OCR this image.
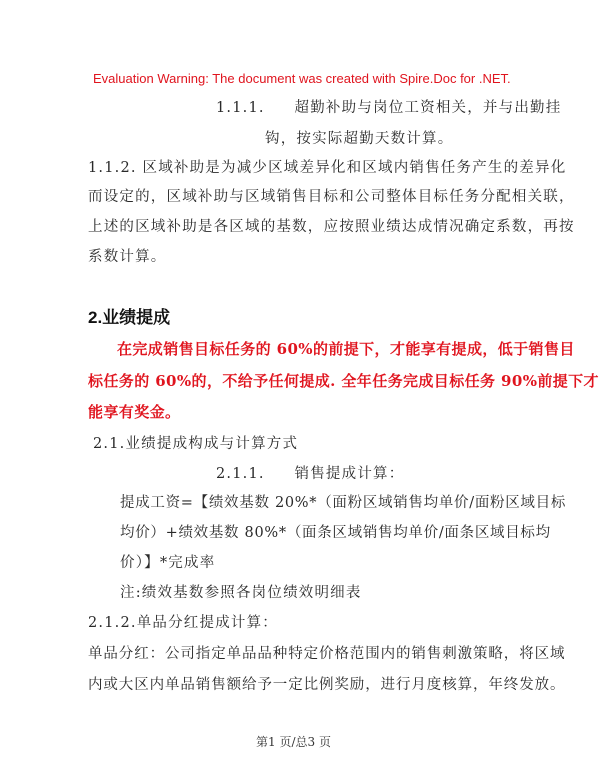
Evaluation Warning: The document was created with Spire.Doc for .NET.
1.1.1. 超勤补助与岗位工资相关，并与出勤挂
钩，按实际超勤天数计算。
1.1.2. 区域补助是为减少区域差异化和区域内销售任务产生的差异化
而设定的，区域补助与区域销售目标和公司整体目标任务分配相关联，
上述的区域补助是各区域的基数，应按照业绩达成情况确定系数，再按
系数计算。
2.业绩提成
在完成销售目标任务的 60%的前提下，才能享有提成，低于销售目
标任务的 60%的，不给予任何提成. 全年任务完成目标任务 90%前提下才
能享有奖金。
2.1.业绩提成构成与计算方式
2.1.1. 销售提成计算：
提成工资=【绩效基数 20%*（面粉区域销售均单价/面粉区域目标
均价）+绩效基数 80%*（面条区域销售均单价/面条区域目标均
价）】*完成率
注:绩效基数参照各岗位绩效明细表
2.1.2.单品分红提成计算：
单品分红：公司指定单品品种特定价格范围内的销售刺激策略，将区域
内或大区内单品销售额给予一定比例奖励，进行月度核算，年终发放。
第1 页/总3 页
